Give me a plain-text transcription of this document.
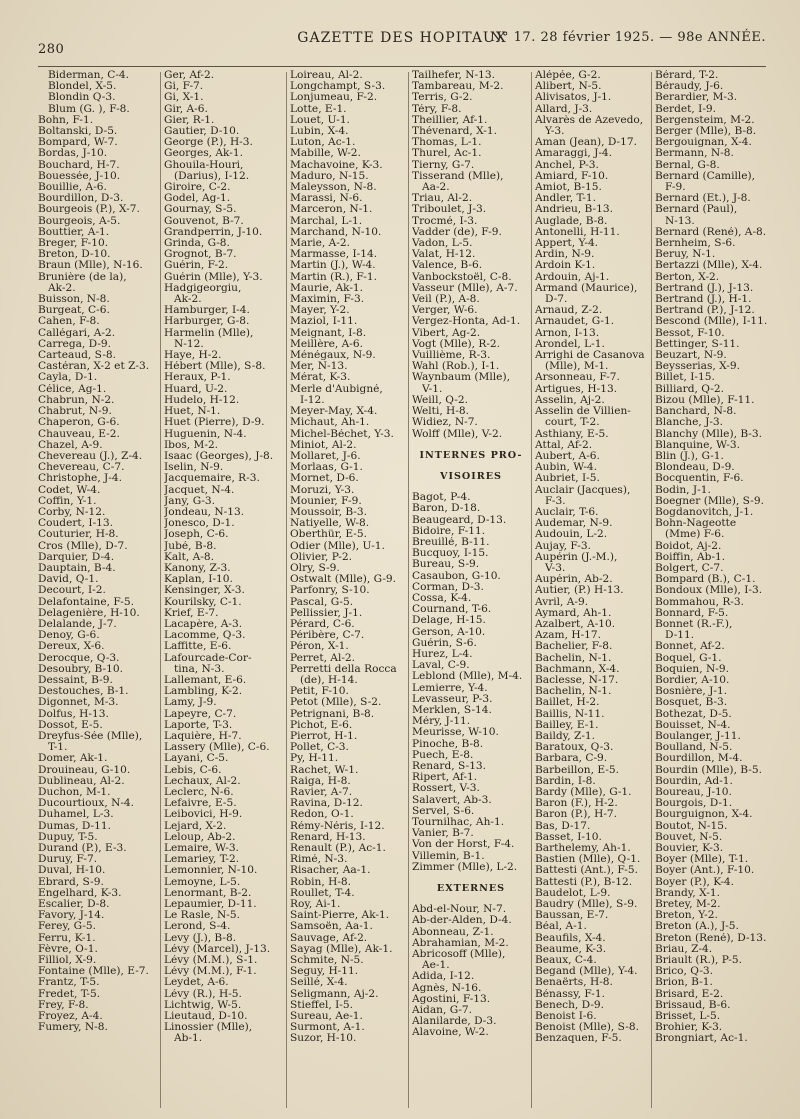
280
GAZETTE DES HOPITAUX
N° 17. 28 février 1925. — 98e ANNÉE.
Biderman, C-4.
Blondel, X-5.
Blondin Q-3.
Blum (G. ), F-8.
Bohn, F-1.
Boltanski, D-5.
Bompard, W-7.
Bordas, J-10.
Bouchard, H-7.
Bouessée, J-10.
Bouillie, A-6.
Bourdillon, D-3.
Bourgeois (P.), X-7.
Bourgeois, A-5.
Bouttier, A-1.
Breger, F-10.
Breton, D-10.
Braun (Mlle), N-16.
Brunière (de la),
Ak-2.
Buisson, N-8.
Burgeat, C-6.
Cahen, F-8.
Callégari, A-2.
Carrega, D-9.
Carteaud, S-8.
Castéran, X-2 et Z-3.
Cayla, D-1.
Célice, Ag-1.
Chabrun, N-2.
Chabrut, N-9.
Chaperon, G-6.
Chauveau, E-2.
Chazel, A-9.
Chevereau (J.), Z-4.
Chevereau, C-7.
Christophe, J-4.
Codet, W-4.
Coffin, Y-1.
Corby, N-12.
Coudert, I-13.
Couturier, H-8.
Cros (Mlle), D-7.
Darquier, D-4.
Dauptain, B-4.
David, Q-1.
Decourt, I-2.
Delafontaine, F-5.
Delagenière, H-10.
Delalande, J-7.
Denoy, G-6.
Dereux, X-6.
Derocque, Q-3.
Desoubry, B-10.
Dessaint, B-9.
Destouches, B-1.
Digonnet, M-3.
Dolfus, H-13.
Dossot, E-5.
Dreyfus-Sée (Mlle),
T-1.
Domer, Ak-1.
Drouineau, G-10.
Dublineau, Al-2.
Duchon, M-1.
Ducourtioux, N-4.
Duhamel, L-3.
Dumas, D-11.
Dupuy, T-5.
Durand (P.), E-3.
Duruy, F-7.
Duval, H-10.
Ebrard, S-9.
Engelhard, K-3.
Escalier, D-8.
Favory, J-14.
Ferey, G-5.
Ferru, K-1.
Fèvre, O-1.
Filliol, X-9.
Fontaine (Mlle), E-7.
Frantz, T-5.
Fredet, T-5.
Frey, F-8.
Froyez, A-4.
Fumery, N-8.
Ger, Af-2.
Gi, F-7.
Gi, X-1.
Gir, A-6.
Gier, R-1.
Gautier, D-10.
George (P.), H-3.
Georges, Ak-1.
Ghouila-Houri,
(Darius), I-12.
Giroire, C-2.
Godel, Ag-1.
Gournay, S-5.
Gouvenot, B-7.
Grandperrin, J-10.
Grinda, G-8.
Grognot, B-7.
Guérin, F-2.
Guérin (Mlle), Y-3.
Hadgigeorgiu,
Ak-2.
Hamburger, I-4.
Harburger, G-8.
Harmelin (Mlle),
N-12.
Haye, H-2.
Hébert (Mlle), S-8.
Heraux, P-1.
Huard, U-2.
Hudelo, H-12.
Huet, N-1.
Huet (Pierre), D-9.
Huguenin, N-4.
Ibos, M-2.
Isaac (Georges), J-8.
Iselin, N-9.
Jacquemaire, R-3.
Jacquet, N-4.
Jany, G-3.
Jondeau, N-13.
Jonesco, D-1.
Joseph, C-6.
Jubé, B-8.
Kalt, A-8.
Kanony, Z-3.
Kaplan, I-10.
Kensinger, X-3.
Kourilsky, C-1.
Krief, E-7.
Lacapère, A-3.
Lacomme, Q-3.
Laffitte, E-6.
Lafourcade-Cor-
tina, N-3.
Lallemant, E-6.
Lambling, K-2.
Lamy, J-9.
Lapeyre, C-7.
Laporte, T-3.
Laquière, H-7.
Lassery (Mlle), C-6.
Layani, C-5.
Lebis, C-6.
Lechaux, Al-2.
Leclerc, N-6.
Lefaivre, E-5.
Leibovici, H-9.
Lejard, X-2.
Leloup, Ab-2.
Lemaire, W-3.
Lemariey, T-2.
Lemonnier, N-10.
Lemoyne, L-5.
Lenormant, B-2.
Lepaumier, D-11.
Le Rasle, N-5.
Lerond, S-4.
Levy (J.), B-8.
Lévy (Marcel), J-13.
Lévy (M.M.), S-1.
Lévy (M.M.), F-1.
Leydet, A-6.
Lévy (R.), H-5.
Lichtwig, W-5.
Lieutaud, D-10.
Linossier (Mlle),
Ab-1.
Loireau, Al-2.
Longchampt, S-3.
Lonjumeau, F-2.
Lotte, E-1.
Louet, U-1.
Lubin, X-4.
Luton, Ac-1.
Mabille, W-2.
Machavoine, K-3.
Maduro, N-15.
Maleysson, N-8.
Marassi, N-6.
Marceron, N-1.
Marchal, L-1.
Marchand, N-10.
Marie, A-2.
Marmasse, I-14.
Martin (J.), W-4.
Martin (R.), F-1.
Maurie, Ak-1.
Maximin, F-3.
Mayer, Y-2.
Maziol, I-11.
Meignant, I-8.
Meillère, A-6.
Ménégaux, N-9.
Mer, N-13.
Mérat, K-3.
Merle d'Aubigné,
I-12.
Meyer-May, X-4.
Michaut, Ah-1.
Michel-Béchet, Y-3.
Miniot, Al-2.
Mollaret, J-6.
Morlaas, G-1.
Mornet, D-6.
Moruzi, Y-3.
Mounier, F-9.
Moussoir, B-3.
Natiyelle, W-8.
Oberthür, E-5.
Odier (Mlle), U-1.
Olivier, P-2.
Olry, S-9.
Ostwalt (Mlle), G-9.
Parfonry, S-10.
Pascal, G-5.
Pellissier, J-1.
Pérard, C-6.
Péribère, C-7.
Péron, X-1.
Perret, Al-2.
Perretti della Rocca
(de), H-14.
Petit, F-10.
Petot (Mlle), S-2.
Petrignani, B-8.
Pichot, E-6.
Pierrot, H-1.
Pollet, C-3.
Py, H-11.
Rachet, W-1.
Raiga, H-8.
Ravier, A-7.
Ravina, D-12.
Redon, O-1.
Rémy-Néris, I-12.
Renard, H-13.
Renault (P.), Ac-1.
Rimé, N-3.
Risacher, Aa-1.
Robin, H-8.
Roullet, T-4.
Roy, Ai-1.
Saint-Pierre, Ak-1.
Samsoën, Aa-1.
Sauvage, Af-2.
Sayag (Mlle), Ak-1.
Schmite, N-5.
Seguy, H-11.
Seillé, X-4.
Seligmann, Aj-2.
Stieffel, I-5.
Sureau, Ae-1.
Surmont, A-1.
Suzor, H-10.
Tailhefer, N-13.
Tambareau, M-2.
Terris, G-2.
Téry, F-8.
Theillier, Af-1.
Thévenard, X-1.
Thomas, L-1.
Thurel, Ac-1.
Tierny, G-7.
Tisserand (Mlle),
Aa-2.
Triau, Al-2.
Triboulet, J-3.
Trocmé, I-3.
Vadder (de), F-9.
Vadon, L-5.
Valat, H-12.
Valence, B-6.
Vanbockstoël, C-8.
Vasseur (Mlle), A-7.
Veil (P.), A-8.
Verger, W-6.
Vergez-Honta, Ad-1.
Vibert, Ag-2.
Vogt (Mlle), R-2.
Vuillième, R-3.
Wahl (Rob.), I-1.
Waynbaum (Mlle),
V-1.
Weill, Q-2.
Welti, H-8.
Widiez, N-7.
Wolff (Mlle), V-2.
INTERNES PRO-
VISOIRES
Bagot, P-4.
Baron, D-18.
Beaugeard, D-13.
Bidoire, F-11.
Breuillé, B-11.
Bucquoy, I-15.
Bureau, S-9.
Casaubon, G-10.
Corman, D-3.
Cossa, K-4.
Cournand, T-6.
Delage, H-15.
Gerson, A-10.
Guérin, S-6.
Hurez, L-4.
Laval, C-9.
Leblond (Mlle), M-4.
Lemierre, Y-4.
Levasseur, P-3.
Merklen, S-14.
Méry, J-11.
Meurisse, W-10.
Pinoche, B-8.
Puech, E-8.
Renard, S-13.
Ripert, Af-1.
Rossert, V-3.
Salavert, Ab-3.
Servel, S-6.
Tournilhac, Ah-1.
Vanier, B-7.
Von der Horst, F-4.
Villemin, B-1.
Zimmer (Mlle), L-2.
EXTERNES
Abd-el-Nour, N-7.
Ab-der-Alden, D-4.
Abonneau, Z-1.
Abrahamian, M-2.
Abricosoff (Mlle),
Ae-1.
Adida, I-12.
Agnès, N-16.
Agostini, F-13.
Aidan, G-7.
Alanilarde, D-3.
Alavoine, W-2.
Alépée, G-2.
Alibert, N-5.
Alivisatos, J-1.
Allard, J-3.
Alvarès de Azevedo,
Y-3.
Aman (Jean), D-17.
Amaraggi, J-4.
Anchel, P-3.
Amiard, F-10.
Amiot, B-15.
Andler, T-1.
Andrieu, B-13.
Auglade, B-8.
Antonelli, H-11.
Appert, Y-4.
Ardin, N-9.
Ardoin K-1.
Ardouin, Aj-1.
Armand (Maurice),
D-7.
Arnaud, Z-2.
Arnaudet, G-1.
Arnon, I-13.
Arondel, L-1.
Arrighi de Casanova
(Mlle), M-1.
Arsonneau, F-7.
Artigues, H-13.
Asselin, Aj-2.
Asselin de Villien-
court, T-2.
Asthiany, E-5.
Attal, Af-2.
Aubert, A-6.
Aubin, W-4.
Aubriet, I-5.
Auclair (Jacques),
F-3.
Auclair, T-6.
Audemar, N-9.
Audouin, L-2.
Aujay, F-3.
Aupérin (J.-M.),
V-3.
Aupérin, Ab-2.
Autier, (P.) H-13.
Avril, A-9.
Aymard, Ah-1.
Azalbert, A-10.
Azam, H-17.
Bachelier, F-8.
Bachelin, N-1.
Bachmann, X-4.
Baclesse, N-17.
Bachelin, N-1.
Baillet, H-2.
Baillis, N-11.
Bailley, E-1.
Baildy, Z-1.
Baratoux, Q-3.
Barbara, C-9.
Barbeillon, E-5.
Bardin, I-8.
Bardy (Mlle), G-1.
Baron (F.), H-2.
Baron (P.), H-7.
Bas, D-17.
Basset, I-10.
Barthelemy, Ah-1.
Bastien (Mlle), Q-1.
Battesti (Ant.), F-5.
Battesti (P.), B-12.
Baudelot, L-9.
Baudry (Mlle), S-9.
Baussan, E-7.
Béal, A-1.
Beaufils, X-4.
Beaume, K-3.
Beaux, C-4.
Begand (Mlle), Y-4.
Benaërts, H-8.
Bénassy, F-1.
Benech, D-9.
Benoist I-6.
Benoist (Mlle), S-8.
Benzaquen, F-5.
Bérard, T-2.
Béraudy, J-6.
Berardier, M-3.
Berdet, I-9.
Bergensteim, M-2.
Berger (Mlle), B-8.
Bergouignan, X-4.
Bermann, N-8.
Bernal, G-8.
Bernard (Camille),
F-9.
Bernard (Et.), J-8.
Bernard (Paul),
N-13.
Bernard (René), A-8.
Bernheim, S-6.
Beruy, N-1.
Bertazzi (Mlle), X-4.
Berton, X-2.
Bertrand (J.), J-13.
Bertrand (J.), H-1.
Bertrand (P.), J-12.
Bescond (Mlle), I-11.
Bessot, F-10.
Bettinger, S-11.
Beuzart, N-9.
Beysserias, X-9.
Billet, I-15.
Billiard, Q-2.
Bizou (Mlle), F-11.
Banchard, N-8.
Blanche, J-3.
Blanchy (Mlle), B-3.
Blanquine, W-3.
Blin (J.), G-1.
Blondeau, D-9.
Bocquentin, F-6.
Bodin, J-1.
Boegner (Mlle), S-9.
Bogdanovitch, J-1.
Bohn-Nageotte
(Mme) F-6.
Boidot, Aj-2.
Boiffin, Ab-1.
Bolgert, C-7.
Bompard (B.), C-1.
Bondoux (Mlle), I-3.
Bommahou, R-3.
Bonnard, F-5.
Bonnet (R.-F.),
D-11.
Bonnet, Af-2.
Boquel, G-1.
Boquien, N-9.
Bordier, A-10.
Bosnière, J-1.
Bosquet, B-3.
Bothezat, D-5.
Bouisset, N-4.
Boulanger, J-11.
Boulland, N-5.
Bourdillon, M-4.
Bourdin (Mlle), B-5.
Bourdin, Ad-1.
Boureau, J-10.
Bourgois, D-1.
Bourguignon, X-4.
Boutot, N-15.
Bouvet, N-5.
Bouvier, K-3.
Boyer (Mlle), T-1.
Boyer (Ant.), F-10.
Boyer (P.), K-4.
Brandy, X-1.
Bretey, M-2.
Breton, Y-2.
Breton (A.), J-5.
Breton (René), D-13.
Briau, Z-4.
Briault (R.), P-5.
Brico, Q-3.
Brion, B-1.
Brisard, E-2.
Brissaud, B-6.
Brisset, L-5.
Brohier, K-3.
Brongniart, Ac-1.
